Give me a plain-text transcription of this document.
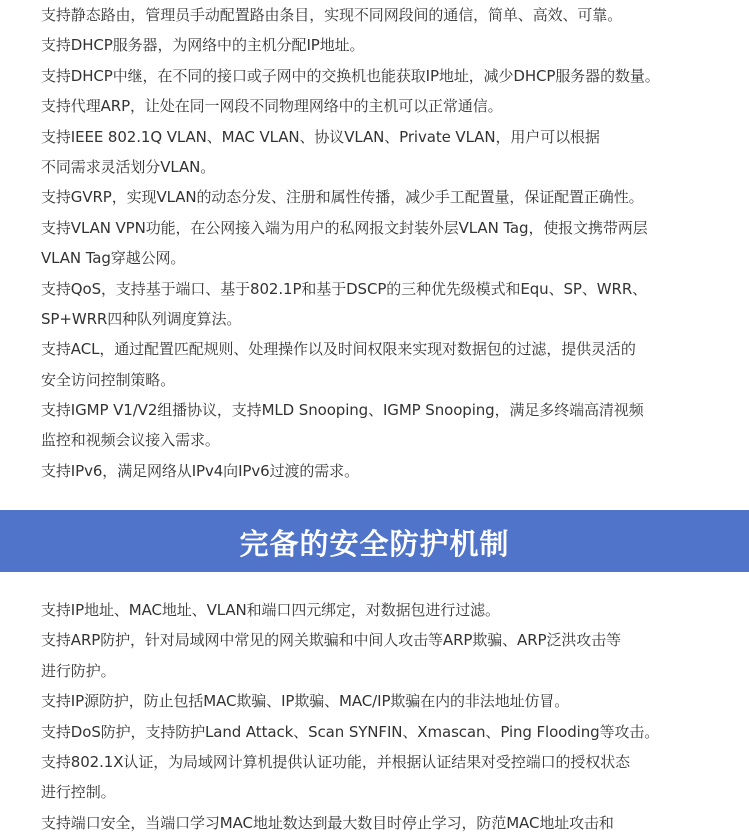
支持静态路由，管理员手动配置路由条目，实现不同网段间的通信，简单、高效、可靠。
支持DHCP服务器，为网络中的主机分配IP地址。
支持DHCP中继，在不同的接口或子网中的交换机也能获取IP地址，减少DHCP服务器的数量。
支持代理ARP，让处在同一网段不同物理网络中的主机可以正常通信。
支持IEEE 802.1Q VLAN、MAC VLAN、协议VLAN、Private VLAN，用户可以根据
不同需求灵活划分VLAN。
支持GVRP，实现VLAN的动态分发、注册和属性传播，减少手工配置量，保证配置正确性。
支持VLAN VPN功能，在公网接入端为用户的私网报文封装外层VLAN Tag，使报文携带两层
VLAN Tag穿越公网。
支持QoS，支持基于端口、基于802.1P和基于DSCP的三种优先级模式和Equ、SP、WRR、
SP+WRR四种队列调度算法。
支持ACL，通过配置匹配规则、处理操作以及时间权限来实现对数据包的过滤，提供灵活的
安全访问控制策略。
支持IGMP V1/V2组播协议，支持MLD Snooping、IGMP Snooping，满足多终端高清视频
监控和视频会议接入需求。
支持IPv6，满足网络从IPv4向IPv6过渡的需求。
完备的安全防护机制
支持IP地址、MAC地址、VLAN和端口四元绑定，对数据包进行过滤。
支持ARP防护，针对局域网中常见的网关欺骗和中间人攻击等ARP欺骗、ARP泛洪攻击等
进行防护。
支持IP源防护，防止包括MAC欺骗、IP欺骗、MAC/IP欺骗在内的非法地址仿冒。
支持DoS防护，支持防护Land Attack、Scan SYNFIN、Xmascan、Ping Flooding等攻击。
支持802.1X认证，为局域网计算机提供认证功能，并根据认证结果对受控端口的授权状态
进行控制。
支持端口安全，当端口学习MAC地址数达到最大数目时停止学习，防范MAC地址攻击和
